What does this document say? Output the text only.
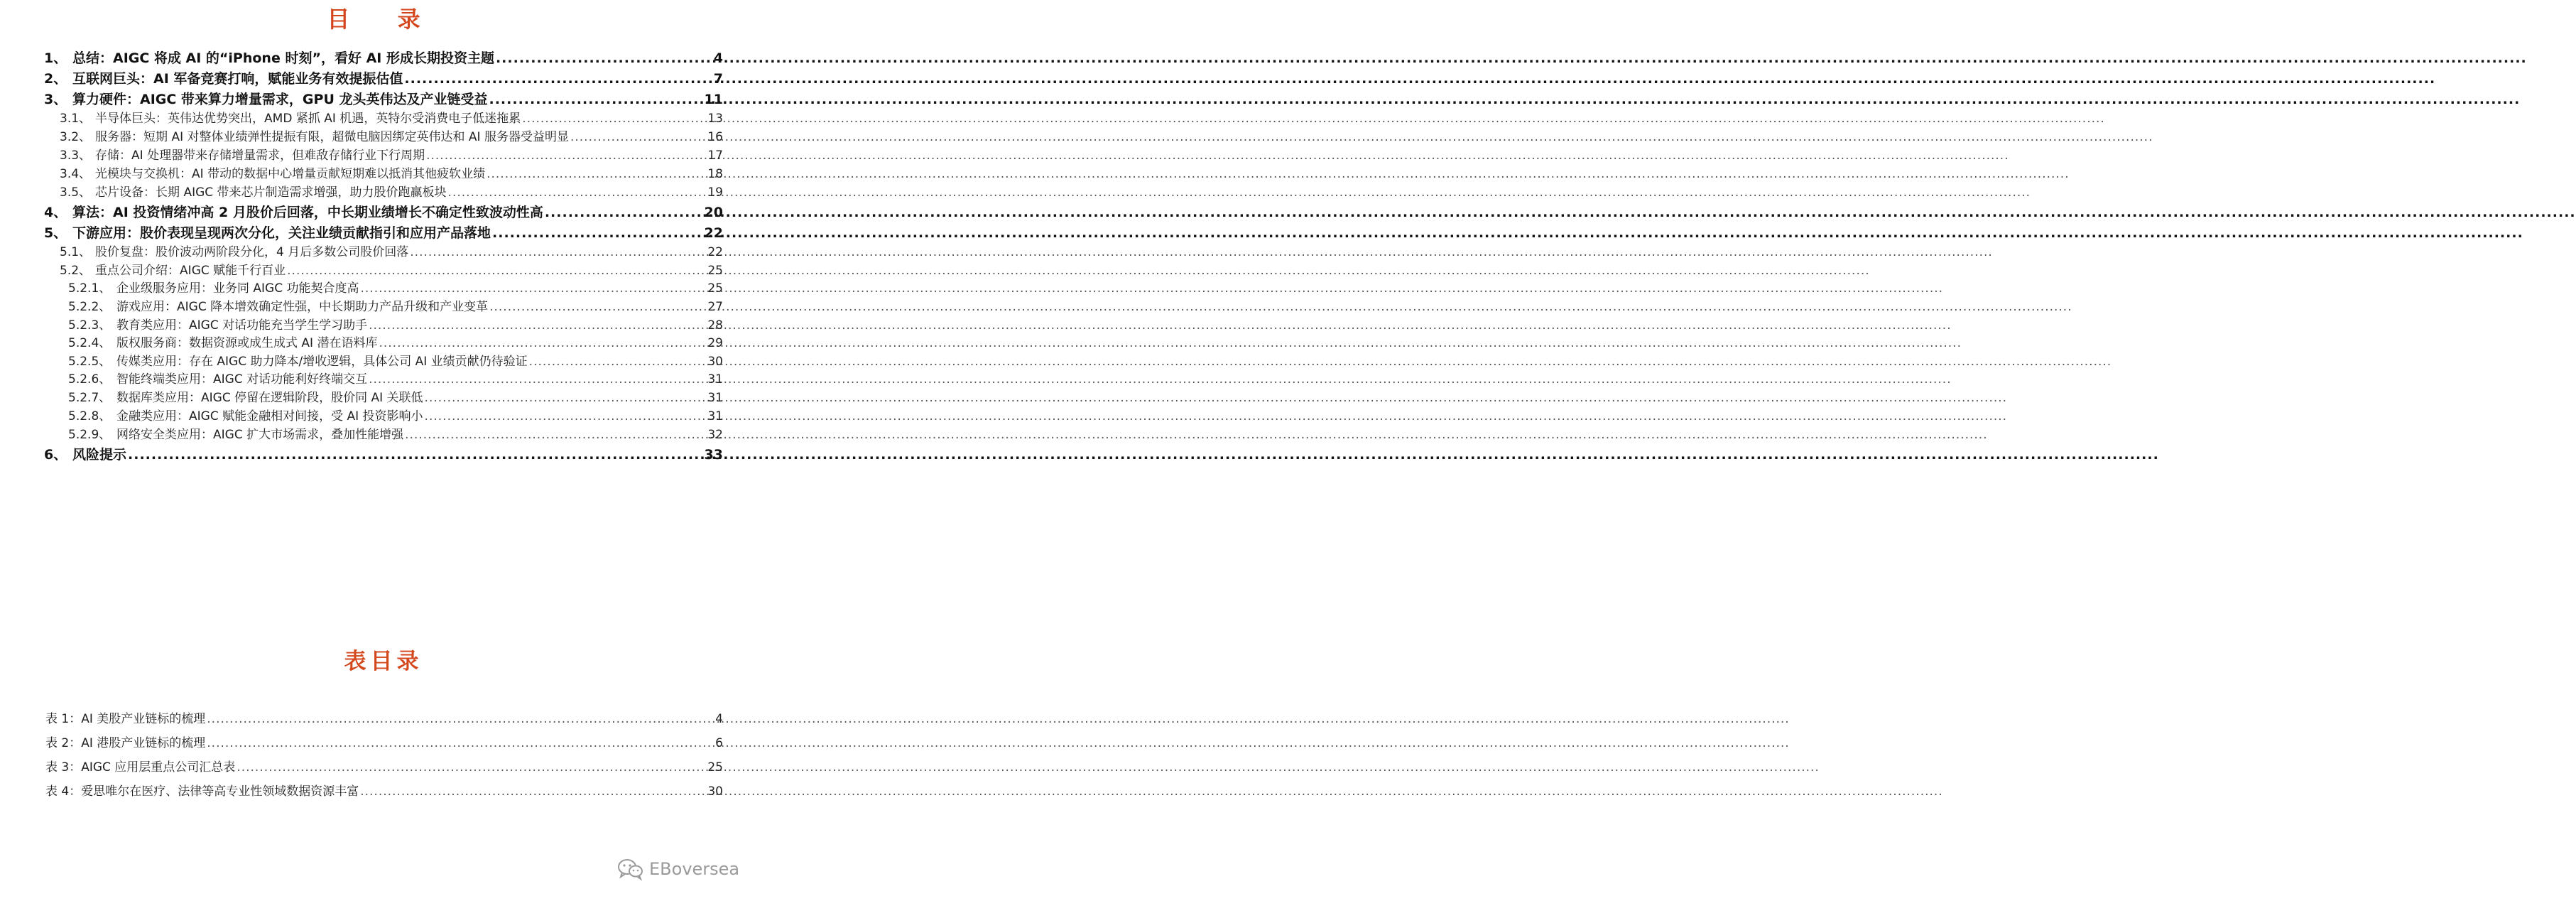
目 录
1、 总结：AIGC 将成 AI 的“iPhone 时刻”，看好 AI 形成长期投资主题 .....	4
2、 互联网巨头：AI 军备竞赛打响，赋能业务有效提振估值 .....	7
3、 算力硬件：AIGC 带来算力增量需求，GPU 龙头英伟达及产业链受益 .....	11
3.1、 半导体巨头：英伟达优势突出，AMD 紧抓 AI 机遇，英特尔受消费电子低迷拖累 .....	13
3.2、 服务器：短期 AI 对整体业绩弹性提振有限，超微电脑因绑定英伟达和 AI 服务器受益明显 .....	16
3.3、 存储：AI 处理器带来存储增量需求，但难敌存储行业下行周期 .....	17
3.4、 光模块与交换机：AI 带动的数据中心增量贡献短期难以抵消其他疲软业绩 .....	18
3.5、 芯片设备：长期 AIGC 带来芯片制造需求增强，助力股价跑赢板块 .....	19
4、 算法：AI 投资情绪冲高 2 月股价后回落，中长期业绩增长不确定性致波动性高 .....	20
5、 下游应用：股价表现呈现两次分化，关注业绩贡献指引和应用产品落地 .....	22
5.1、 股价复盘：股价波动两阶段分化，4 月后多数公司股价回落 .....	22
5.2、 重点公司介绍：AIGC 赋能千行百业 .....	25
5.2.1、 企业级服务应用：业务同 AIGC 功能契合度高 .....	25
5.2.2、 游戏应用：AIGC 降本增效确定性强，中长期助力产品升级和产业变革 .....	27
5.2.3、 教育类应用：AIGC 对话功能充当学生学习助手 .....	28
5.2.4、 版权服务商：数据资源或成生成式 AI 潜在语料库 .....	29
5.2.5、 传媒类应用：存在 AIGC 助力降本/增收逻辑，具体公司 AI 业绩贡献仍待验证 .....	30
5.2.6、 智能终端类应用：AIGC 对话功能利好终端交互 .....	31
5.2.7、 数据库类应用：AIGC 停留在逻辑阶段，股价同 AI 关联低 .....	31
5.2.8、 金融类应用：AIGC 赋能金融相对间接，受 AI 投资影响小 .....	31
5.2.9、 网络安全类应用：AIGC 扩大市场需求，叠加性能增强 .....	32
6、 风险提示 .....	33
表目录
表 1：AI 美股产业链标的梳理 .....	4
表 2：AI 港股产业链标的梳理 .....	6
表 3：AIGC 应用层重点公司汇总表 .....	25
表 4：爱思唯尔在医疗、法律等高专业性领域数据资源丰富 .....	30
EBoversea
